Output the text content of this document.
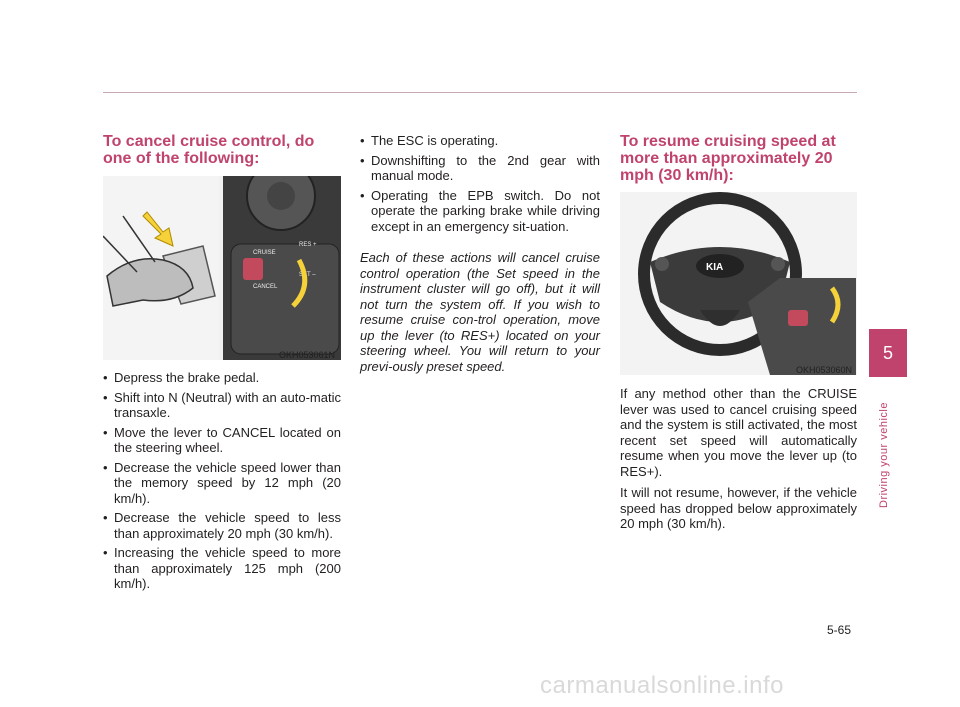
To cancel cruise control, do one of the following:
CRUISE
RES +
CANCEL
SET –
OKH053061N
• Depress the brake pedal.
• Shift into N (Neutral) with an auto-matic transaxle.
• Move the lever to CANCEL located on the steering wheel.
• Decrease the vehicle speed lower than the memory speed by 12 mph (20 km/h).
• Decrease the vehicle speed to less than approximately 20 mph (30 km/h).
• Increasing the vehicle speed to more than approximately 125 mph (200 km/h).
• The ESC is operating.
• Downshifting to the 2nd gear with manual mode.
• Operating the EPB switch. Do not operate the parking brake while driving except in an emergency sit-uation.

Each of these actions will cancel cruise control operation (the Set speed in the instrument cluster will go off), but it will not turn the system off. If you wish to resume cruise con-trol operation, move up the lever (to RES+) located on your steering wheel. You will return to your previ-ously preset speed.

To resume cruising speed at more than approximately 20 mph (30 km/h):
KIA
OKH053060N

If any method other than the CRUISE lever was used to cancel cruising speed and the system is still activated, the most recent set speed will automatically resume when you move the lever up (to RES+).

It will not resume, however, if the vehicle speed has dropped below approximately 20 mph (30 km/h).

5
Driving your vehicle
5-65
carmanualsonline.info
